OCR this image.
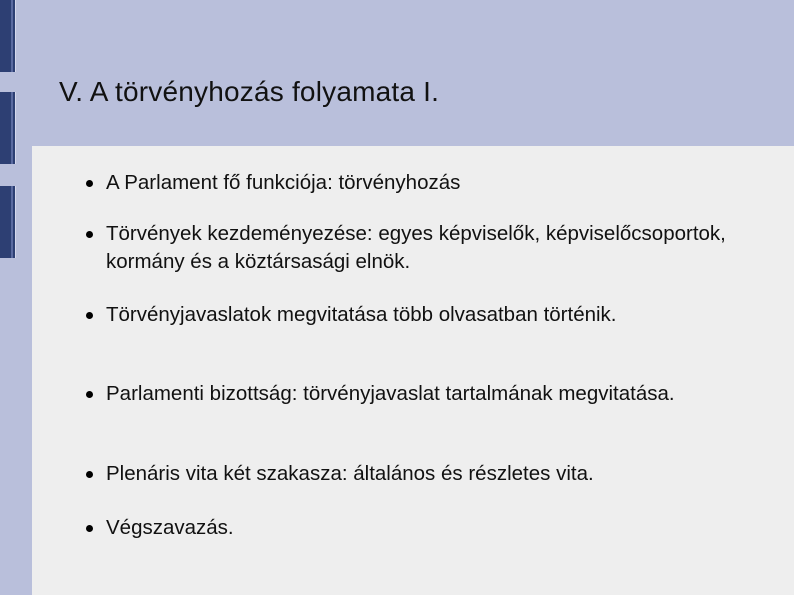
V. A törvényhozás folyamata I.
A Parlament fő funkciója: törvényhozás
Törvények kezdeményezése: egyes képviselők, képviselőcsoportok, kormány és a köztársasági elnök.
Törvényjavaslatok megvitatása több olvasatban történik.
Parlamenti bizottság: törvényjavaslat tartalmának megvitatása.
Plenáris vita két szakasza: általános és részletes vita.
Végszavazás.
